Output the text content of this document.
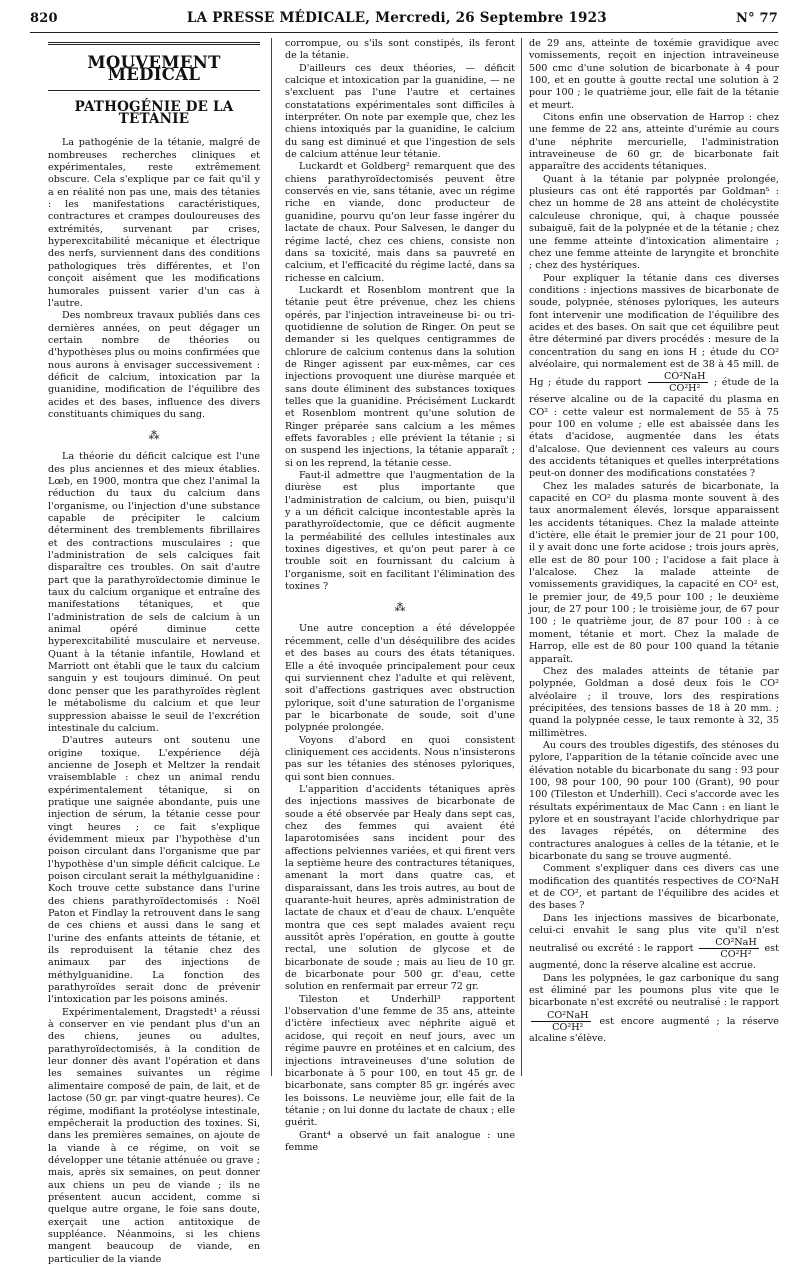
820	LA PRESSE MÉDICALE, Mercredi, 26 Septembre 1923	N° 77
MOUVEMENT MÉDICAL
PATHOGÉNIE DE LA TÉTANIE

La pathogénie de la tétanie, malgré de nombreuses recherches cliniques et expérimentales, reste extrêmement obscure. Cela s'explique par ce fait qu'il y a en réalité non pas une, mais des tétanies : les manifestations caractéristiques, contractures et crampes douloureuses des extrémités, survenant par crises, hyperexcitabilité mécanique et électrique des nerfs, surviennent dans des conditions pathologiques très différentes, et l'on conçoit aisément que les modifications humorales puissent varier d'un cas à l'autre.

Des nombreux travaux publiés dans ces dernières années, on peut dégager un certain nombre de théories ou d'hypothèses plus ou moins confirmées que nous aurons à envisager successivement : déficit de calcium, intoxication par la guanidine, modification de l'équilibre des acides et des bases, influence des divers constituants chimiques du sang.

⁂

La théorie du déficit calcique est l'une des plus anciennes et des mieux établies. Lœb, en 1900, montra que chez l'animal la réduction du taux du calcium dans l'organisme, ou l'injection d'une substance capable de précipiter le calcium déterminent des tremblements fibrillaires et des contractions musculaires ; que l'administration de sels calciques fait disparaître ces troubles. On sait d'autre part que la parathyroïdectomie diminue le taux du calcium organique et entraîne des manifestations tétaniques, et que l'administration de sels de calcium à un animal opéré diminue cette hyperexcitabilité musculaire et nerveuse. Quant à la tétanie infantile, Howland et Marriott ont établi que le taux du calcium sanguin y est toujours diminué. On peut donc penser que les parathyroïdes règlent le métabolisme du calcium et que leur suppression abaisse le seuil de l'excrétion intestinale du calcium.

D'autres auteurs ont soutenu une origine toxique. L'expérience déjà ancienne de Joseph et Meltzer la rendait vraisemblable : chez un animal rendu expérimentalement tétanique, si on pratique une saignée abondante, puis une injection de sérum, la tétanie cesse pour vingt heures ; ce fait s'explique évidemment mieux par l'hypothèse d'un poison circulant dans l'organisme que par l'hypothèse d'un simple déficit calcique. Le poison circulant serait la méthylguanidine : Koch trouve cette substance dans l'urine des chiens parathyroïdectomisés : Noël Paton et Findlay la retrouvent dans le sang de ces chiens et aussi dans le sang et l'urine des enfants atteints de tétanie, et ils reproduisent la tétanie chez des animaux par des injections de méthylguanidine. La fonction des parathyroïdes serait donc de prévenir l'intoxication par les poisons aminés.

Expérimentalement, Dragstedt¹ a réussi à conserver en vie pendant plus d'un an des chiens, jeunes ou adultes, parathyroïdectomisés, à la condition de leur donner dès avant l'opération et dans les semaines suivantes un régime alimentaire composé de pain, de lait, et de lactose (50 gr. par vingt-quatre heures). Ce régime, modifiant la protéolyse intestinale, empêcherait la production des toxines. Si, dans les premières semaines, on ajoute de la viande à ce régime, on voit se développer une tétanie atténuée ou grave ; mais, après six semaines, on peut donner aux chiens un peu de viande ; ils ne présentent aucun accident, comme si quelque autre organe, le foie sans doute, exerçait une action antitoxique de suppléance. Néanmoins, si les chiens mangent beaucoup de viande, en particulier de la viande

corrompue, ou s'ils sont constipés, ils feront de la tétanie.

D'ailleurs ces deux théories, — déficit calcique et intoxication par la guanidine, — ne s'excluent pas l'une l'autre et certaines constatations expérimentales sont difficiles à interpréter. On note par exemple que, chez les chiens intoxiqués par la guanidine, le calcium du sang est diminué et que l'ingestion de sels de calcium atténue leur tétanie.

Luckardt et Goldberg² remarquent que des chiens parathyroïdectomisés peuvent être conservés en vie, sans tétanie, avec un régime riche en viande, donc producteur de guanidine, pourvu qu'on leur fasse ingérer du lactate de chaux. Pour Salvesen, le danger du régime lacté, chez ces chiens, consiste non dans sa toxicité, mais dans sa pauvreté en calcium, et l'efficacité du régime lacté, dans sa richesse en calcium.

Luckardt et Rosenblom montrent que la tétanie peut être prévenue, chez les chiens opérés, par l'injection intraveineuse bi- ou tri-quotidienne de solution de Ringer. On peut se demander si les quelques centigrammes de chlorure de calcium contenus dans la solution de Ringer agissent par eux-mêmes, car ces injections provoquent une diurèse marquée et sans doute éliminent des substances toxiques telles que la guanidine. Précisément Luckardt et Rosenblom montrent qu'une solution de Ringer préparée sans calcium a les mêmes effets favorables ; elle prévient la tétanie ; si on suspend les injections, la tétanie apparaît ; si on les reprend, la tétanie cesse.

Faut-il admettre que l'augmentation de la diurèse est plus importante que l'administration de calcium, ou bien, puisqu'il y a un déficit calcique incontestable après la parathyroïdectomie, que ce déficit augmente la perméabilité des cellules intestinales aux toxines digestives, et qu'on peut parer à ce trouble soit en fournissant du calcium à l'organisme, soit en facilitant l'élimination des toxines ?

⁂

Une autre conception a été développée récemment, celle d'un déséquilibre des acides et des bases au cours des états tétaniques. Elle a été invoquée principalement pour ceux qui surviennent chez l'adulte et qui relèvent, soit d'affections gastriques avec obstruction pylorique, soit d'une saturation de l'organisme par le bicarbonate de soude, soit d'une polypnée prolongée.

Voyons d'abord en quoi consistent cliniquement ces accidents. Nous n'insisterons pas sur les tétanies des sténoses pyloriques, qui sont bien connues.

L'apparition d'accidents tétaniques après des injections massives de bicarbonate de soude a été observée par Healy dans sept cas, chez des femmes qui avaient été laparotomisées sans incident pour des affections pelviennes variées, et qui firent vers la septième heure des contractures tétaniques, amenant la mort dans quatre cas, et disparaissant, dans les trois autres, au bout de quarante-huit heures, après administration de lactate de chaux et d'eau de chaux. L'enquête montra que ces sept malades avaient reçu aussitôt après l'opération, en goutte à goutte rectal, une solution de glycose et de bicarbonate de soude ; mais au lieu de 10 gr. de bicarbonate pour 500 gr. d'eau, cette solution en renfermait par erreur 72 gr.

Tileston et Underhill³ rapportent l'observation d'une femme de 35 ans, atteinte d'ictère infectieux avec néphrite aiguë et acidose, qui reçoit en neuf jours, avec un régime pauvre en protéines et en calcium, des injections intraveineuses d'une solution de bicarbonate à 5 pour 100, en tout 45 gr. de bicarbonate, sans compter 85 gr. ingérés avec les boissons. Le neuvième jour, elle fait de la tétanie ; on lui donne du lactate de chaux ; elle guérit.

Grant⁴ a observé un fait analogue : une femme

de 29 ans, atteinte de toxémie gravidique avec vomissements, reçoit en injection intraveineuse 500 cmc d'une solution de bicarbonate à 4 pour 100, et en goutte à goutte rectal une solution à 2 pour 100 ; le quatrième jour, elle fait de la tétanie et meurt.

Citons enfin une observation de Harrop : chez une femme de 22 ans, atteinte d'urémie au cours d'une néphrite mercurielle, l'administration intraveineuse de 60 gr. de bicarbonate fait apparaître des accidents tétaniques.

Quant à la tétanie par polypnée prolongée, plusieurs cas ont été rapportés par Goldman⁵ : chez un homme de 28 ans atteint de cholécystite calculeuse chronique, qui, à chaque poussée subaiguë, fait de la polypnée et de la tétanie ; chez une femme atteinte d'intoxication alimentaire ; chez une femme atteinte de laryngite et bronchite ; chez des hystériques.

Pour expliquer la tétanie dans ces diverses conditions : injections massives de bicarbonate de soude, polypnée, sténoses pyloriques, les auteurs font intervenir une modification de l'équilibre des acides et des bases. On sait que cet équilibre peut être déterminé par divers procédés : mesure de la concentration du sang en ions H ; étude du CO² alvéolaire, qui normalement est de 38 à 45 mill. de Hg ; étude du rapport $\frac{\text{CO²NaH}}{\text{CO²H²}}$ ; étude de la réserve alcaline ou de la capacité du plasma en CO² : cette valeur est normalement de 55 à 75 pour 100 en volume ; elle est abaissée dans les états d'acidose, augmentée dans les états d'alcalose. Que deviennent ces valeurs au cours des accidents tétaniques et quelles interprétations peut-on donner des modifications constatées ?

Chez les malades saturés de bicarbonate, la capacité en CO² du plasma monte souvent à des taux anormalement élevés, lorsque apparaissent les accidents tétaniques. Chez la malade atteinte d'ictère, elle était le premier jour de 21 pour 100, il y avait donc une forte acidose ; trois jours après, elle est de 80 pour 100 ; l'acidose a fait place à l'alcalose. Chez la malade atteinte de vomissements gravidiques, la capacité en CO² est, le premier jour, de 49,5 pour 100 ; le deuxième jour, de 27 pour 100 ; le troisième jour, de 67 pour 100 ; le quatrième jour, de 87 pour 100 : à ce moment, tétanie et mort. Chez la malade de Harrop, elle est de 80 pour 100 quand la tétanie apparaît.

Chez des malades atteints de tétanie par polypnée, Goldman a dosé deux fois le CO² alvéolaire ; il trouve, lors des respirations précipitées, des tensions basses de 18 à 20 mm. ; quand la polypnée cesse, le taux remonte à 32, 35 millimètres.

Au cours des troubles digestifs, des sténoses du pylore, l'apparition de la tétanie coïncide avec une élévation notable du bicarbonate du sang : 93 pour 100, 98 pour 100, 90 pour 100 (Grant), 90 pour 100 (Tileston et Underhill). Ceci s'accorde avec les résultats expérimentaux de Mac Cann : en liant le pylore et en soustrayant l'acide chlorhydrique par des lavages répétés, on détermine des contractures analogues à celles de la tétanie, et le bicarbonate du sang se trouve augmenté.

Comment s'expliquer dans ces divers cas une modification des quantités respectives de CO²NaH et de CO², et partant de l'équilibre des acides et des bases ?

Dans les injections massives de bicarbonate, celui-ci envahit le sang plus vite qu'il n'est neutralisé ou excrété : le rapport $\frac{\text{CO²NaH}}{\text{CO²H²}}$ est augmenté, donc la réserve alcaline est accrue.

Dans les polypnées, le gaz carbonique du sang est éliminé par les poumons plus vite que le bicarbonate n'est excrété ou neutralisé : le rapport
$\frac{\text{CO²NaH}}{\text{CO²H²}}$ est encore augmenté ; la réserve alcaline s'élève.
